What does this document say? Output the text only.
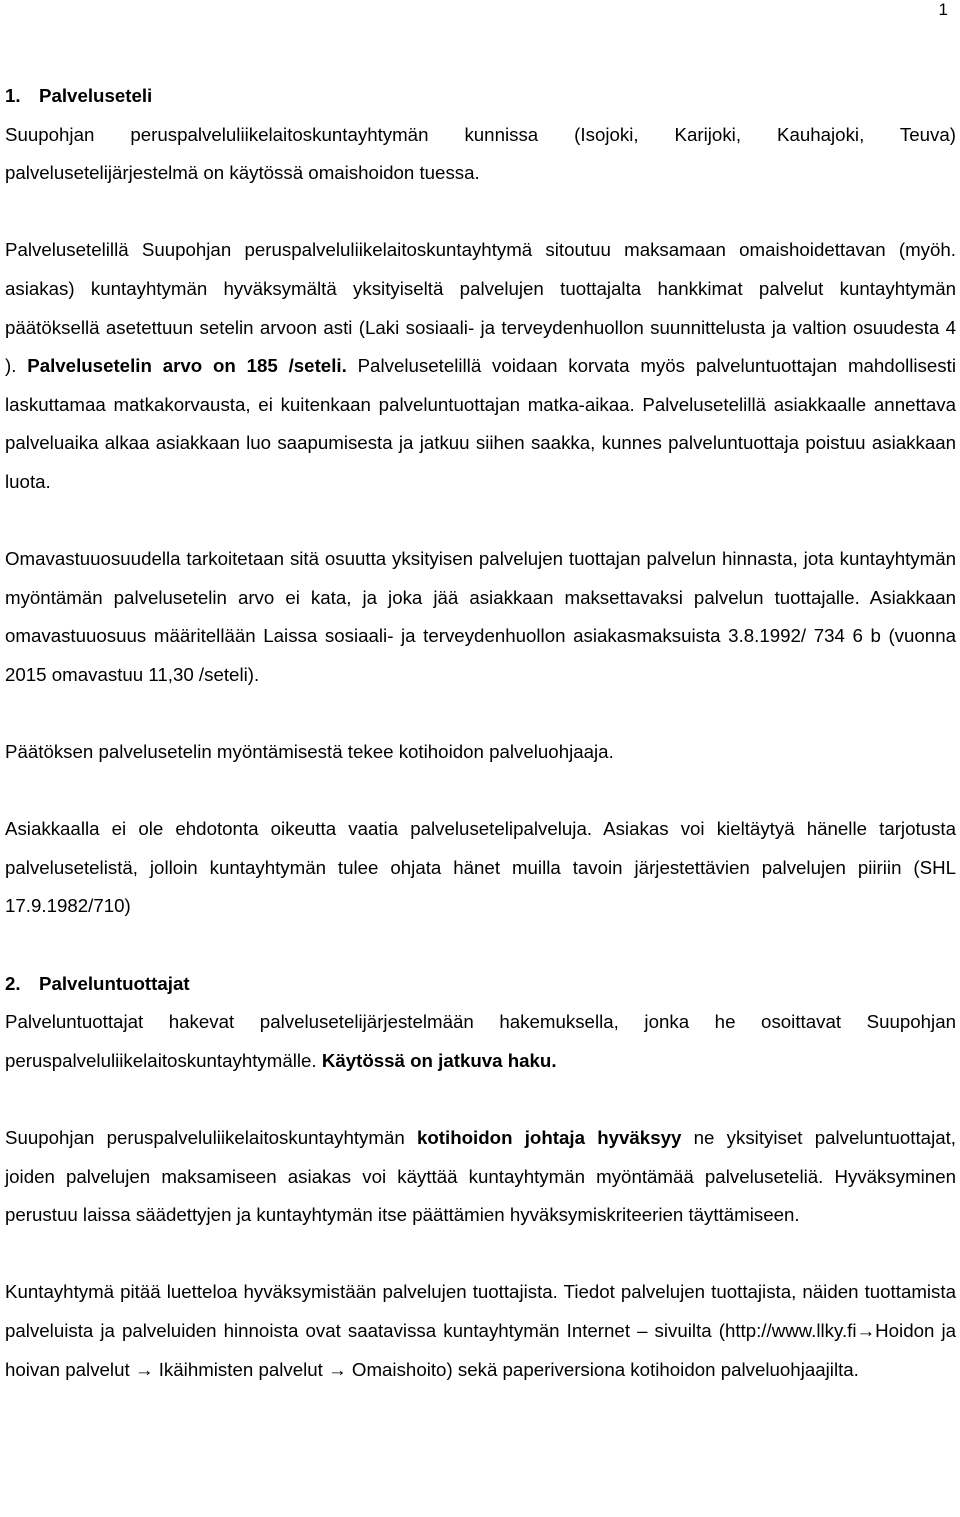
1
1. Palveluseteli

Suupohjan peruspalveluliikelaitoskuntayhtymän kunnissa (Isojoki, Karijoki, Kauhajoki, Teuva) palvelusetelijärjestelmä on käytössä omaishoidon tuessa.

Palvelusetelillä Suupohjan peruspalveluliikelaitoskuntayhtymä sitoutuu maksamaan omaishoidettavan (myöh. asiakas) kuntayhtymän hyväksymältä yksityiseltä palvelujen tuottajalta hankkimat palvelut kuntayhtymän päätöksellä asetettuun setelin arvoon asti (Laki sosiaali- ja terveydenhuollon suunnittelusta ja valtion osuudesta 4 ). Palvelusetelin arvo on 185 /seteli. Palvelusetelillä voidaan korvata myös palveluntuottajan mahdollisesti laskuttamaa matkakorvausta, ei kuitenkaan palveluntuottajan matka-aikaa. Palvelusetelillä asiakkaalle annettava palveluaika alkaa asiakkaan luo saapumisesta ja jatkuu siihen saakka, kunnes palveluntuottaja poistuu asiakkaan luota.

Omavastuuosuudella tarkoitetaan sitä osuutta yksityisen palvelujen tuottajan palvelun hinnasta, jota kuntayhtymän myöntämän palvelusetelin arvo ei kata, ja joka jää asiakkaan maksettavaksi palvelun tuottajalle. Asiakkaan omavastuuosuus määritellään Laissa sosiaali- ja terveydenhuollon asiakasmaksuista 3.8.1992/ 734 6 b (vuonna 2015 omavastuu 11,30 /seteli).

Päätöksen palvelusetelin myöntämisestä tekee kotihoidon palveluohjaaja.

Asiakkaalla ei ole ehdotonta oikeutta vaatia palvelusetelipalveluja. Asiakas voi kieltäytyä hänelle tarjotusta palvelusetelistä, jolloin kuntayhtymän tulee ohjata hänet muilla tavoin järjestettävien palvelujen piiriin (SHL 17.9.1982/710)

2. Palveluntuottajat

Palveluntuottajat hakevat palvelusetelijärjestelmään hakemuksella, jonka he osoittavat Suupohjan peruspalveluliikelaitoskuntayhtymälle. Käytössä on jatkuva haku.

Suupohjan peruspalveluliikelaitoskuntayhtymän kotihoidon johtaja hyväksyy ne yksityiset palveluntuottajat, joiden palvelujen maksamiseen asiakas voi käyttää kuntayhtymän myöntämää palveluseteliä. Hyväksyminen perustuu laissa säädettyjen ja kuntayhtymän itse päättämien hyväksymiskriteerien täyttämiseen.

Kuntayhtymä pitää luetteloa hyväksymistään palvelujen tuottajista. Tiedot palvelujen tuottajista, näiden tuottamista palveluista ja palveluiden hinnoista ovat saatavissa kuntayhtymän Internet – sivuilta (http://www.llky.fi→Hoidon ja hoivan palvelut → Ikäihmisten palvelut → Omaishoito) sekä paperiversiona kotihoidon palveluohjaajilta.
